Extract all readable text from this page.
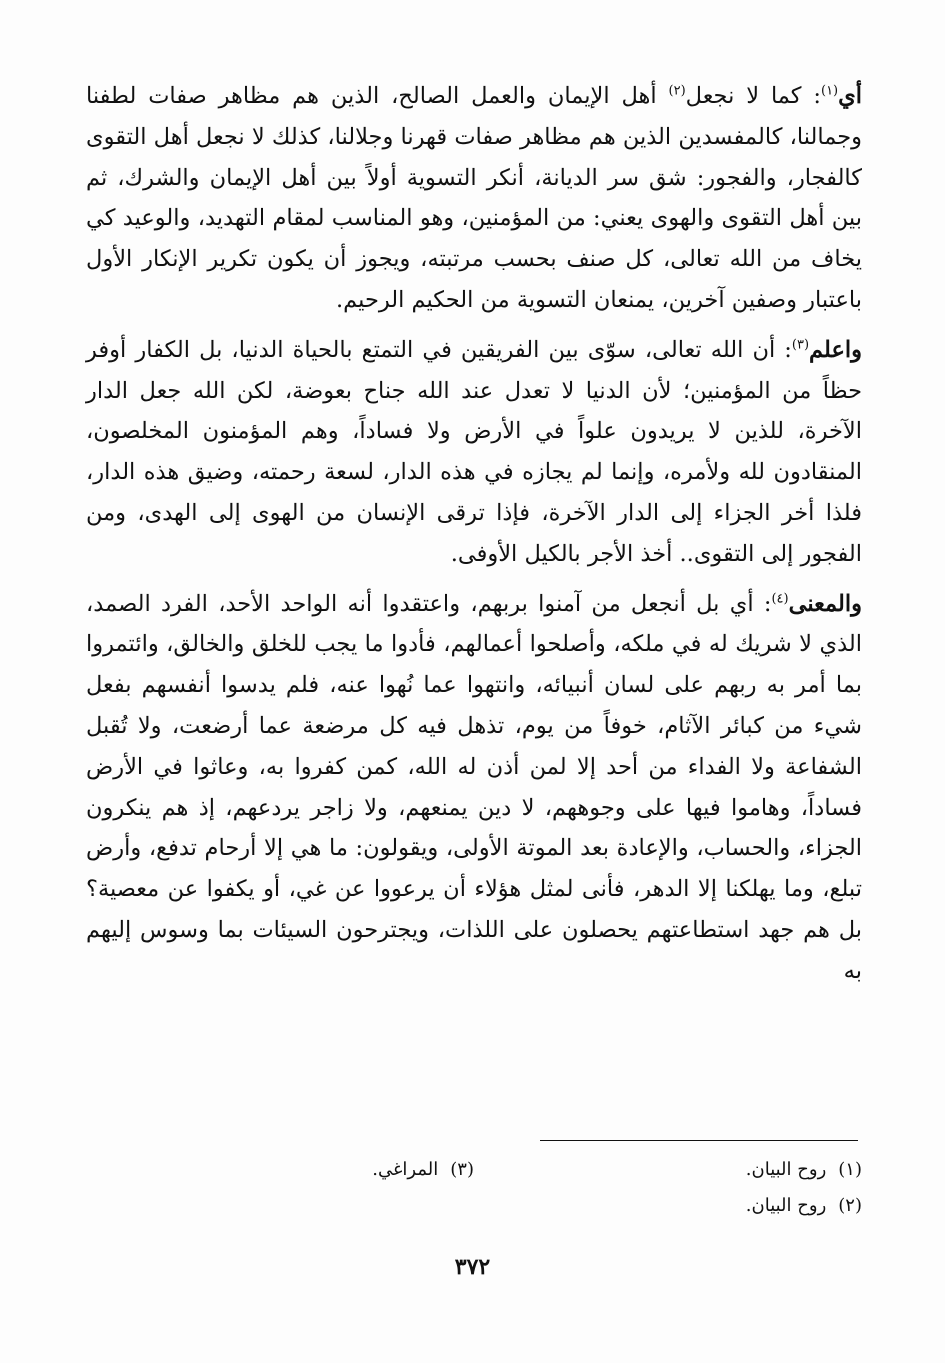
أي$^{(١)}$: كما لا نجعل$^{(٢)}$ أهل الإيمان والعمل الصالح، الذين هم مظاهر صفات لطفنا وجمالنا، كالمفسدين الذين هم مظاهر صفات قهرنا وجلالنا، كذلك لا نجعل أهل التقوى كالفجار، والفجور: شق سر الديانة، أنكر التسوية أولاً بين أهل الإيمان والشرك، ثم بين أهل التقوى والهوى يعني: من المؤمنين، وهو المناسب لمقام التهديد، والوعيد كي يخاف من الله تعالى، كل صنف بحسب مرتبته، ويجوز أن يكون تكرير الإنكار الأول باعتبار وصفين آخرين، يمنعان التسوية من الحكيم الرحيم.

واعلم$^{(٣)}$: أن الله تعالى، سوّى بين الفريقين في التمتع بالحياة الدنيا، بل الكفار أوفر حظاً من المؤمنين؛ لأن الدنيا لا تعدل عند الله جناح بعوضة، لكن الله جعل الدار الآخرة، للذين لا يريدون علواً في الأرض ولا فساداً، وهم المؤمنون المخلصون، المنقادون لله ولأمره، وإنما لم يجازه في هذه الدار، لسعة رحمته، وضيق هذه الدار، فلذا أخر الجزاء إلى الدار الآخرة، فإذا ترقى الإنسان من الهوى إلى الهدى، ومن الفجور إلى التقوى.. أخذ الأجر بالكيل الأوفى.

والمعنى$^{(٤)}$: أي بل أنجعل من آمنوا بربهم، واعتقدوا أنه الواحد الأحد، الفرد الصمد، الذي لا شريك له في ملكه، وأصلحوا أعمالهم، فأدوا ما يجب للخلق والخالق، وائتمروا بما أمر به ربهم على لسان أنبيائه، وانتهوا عما نُهوا عنه، فلم يدسوا أنفسهم بفعل شيء من كبائر الآثام، خوفاً من يوم، تذهل فيه كل مرضعة عما أرضعت، ولا تُقبل الشفاعة ولا الفداء من أحد إلا لمن أذن له الله، كمن كفروا به، وعاثوا في الأرض فساداً، وهاموا فيها على وجوههم، لا دين يمنعهم، ولا زاجر يردعهم، إذ هم ينكرون الجزاء، والحساب، والإعادة بعد الموتة الأولى، ويقولون: ما هي إلا أرحام تدفع، وأرض تبلع، وما يهلكنا إلا الدهر، فأنى لمثل هؤلاء أن يرعووا عن غي، أو يكفوا عن معصية؟ بل هم جهد استطاعتهم يحصلون على اللذات، ويجترحون السيئات بما وسوس إليهم به

(١)روح البيان.
(٣)المراغي.
(٢)روح البيان.
٣٧٢
